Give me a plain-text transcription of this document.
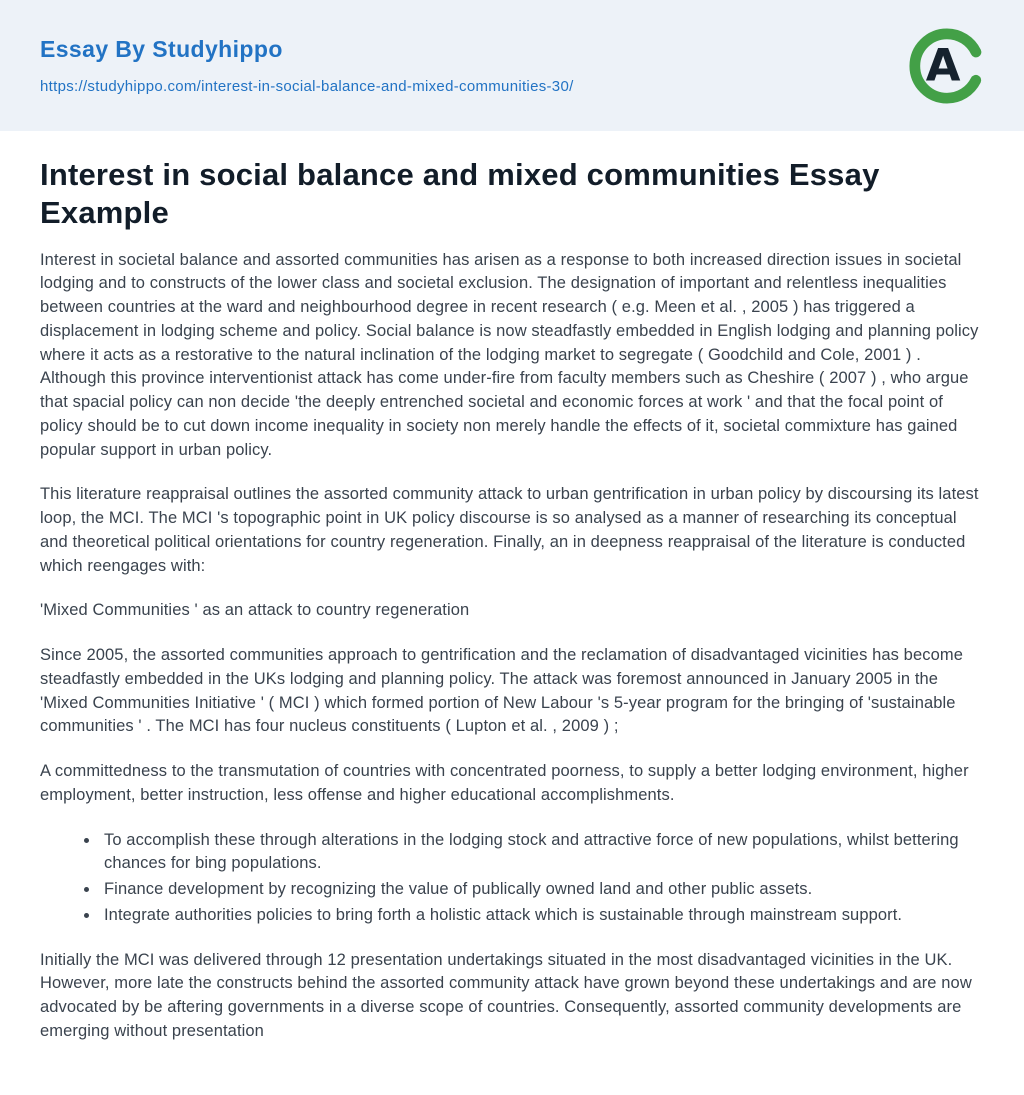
Essay By Studyhippo
https://studyhippo.com/interest-in-social-balance-and-mixed-communities-30/	A
Interest in social balance and mixed communities Essay Example

Interest in societal balance and assorted communities has arisen as a response to both increased direction issues in societal lodging and to constructs of the lower class and societal exclusion. The designation of important and relentless inequalities between countries at the ward and neighbourhood degree in recent research ( e.g. Meen et al. , 2005 ) has triggered a displacement in lodging scheme and policy. Social balance is now steadfastly embedded in English lodging and planning policy where it acts as a restorative to the natural inclination of the lodging market to segregate ( Goodchild and Cole, 2001 ) . Although this province interventionist attack has come under-fire from faculty members such as Cheshire ( 2007 ) , who argue that spacial policy can non decide 'the deeply entrenched societal and economic forces at work ' and that the focal point of policy should be to cut down income inequality in society non merely handle the effects of it, societal commixture has gained popular support in urban policy.

This literature reappraisal outlines the assorted community attack to urban gentrification in urban policy by discoursing its latest loop, the MCI. The MCI 's topographic point in UK policy discourse is so analysed as a manner of researching its conceptual and theoretical political orientations for country regeneration. Finally, an in deepness reappraisal of the literature is conducted which reengages with:

'Mixed Communities ' as an attack to country regeneration

Since 2005, the assorted communities approach to gentrification and the reclamation of disadvantaged vicinities has become steadfastly embedded in the UKs lodging and planning policy. The attack was foremost announced in January 2005 in the 'Mixed Communities Initiative ' ( MCI ) which formed portion of New Labour 's 5-year program for the bringing of 'sustainable communities ' . The MCI has four nucleus constituents ( Lupton et al. , 2009 ) ;

A committedness to the transmutation of countries with concentrated poorness, to supply a better lodging environment, higher employment, better instruction, less offense and higher educational accomplishments.

• To accomplish these through alterations in the lodging stock and attractive force of new populations, whilst bettering chances for bing populations.
• Finance development by recognizing the value of publically owned land and other public assets.
• Integrate authorities policies to bring forth a holistic attack which is sustainable through mainstream support.

Initially the MCI was delivered through 12 presentation undertakings situated in the most disadvantaged vicinities in the UK. However, more late the constructs behind the assorted community attack have grown beyond these undertakings and are now advocated by be aftering governments in a diverse scope of countries. Consequently, assorted community developments are emerging without presentation
